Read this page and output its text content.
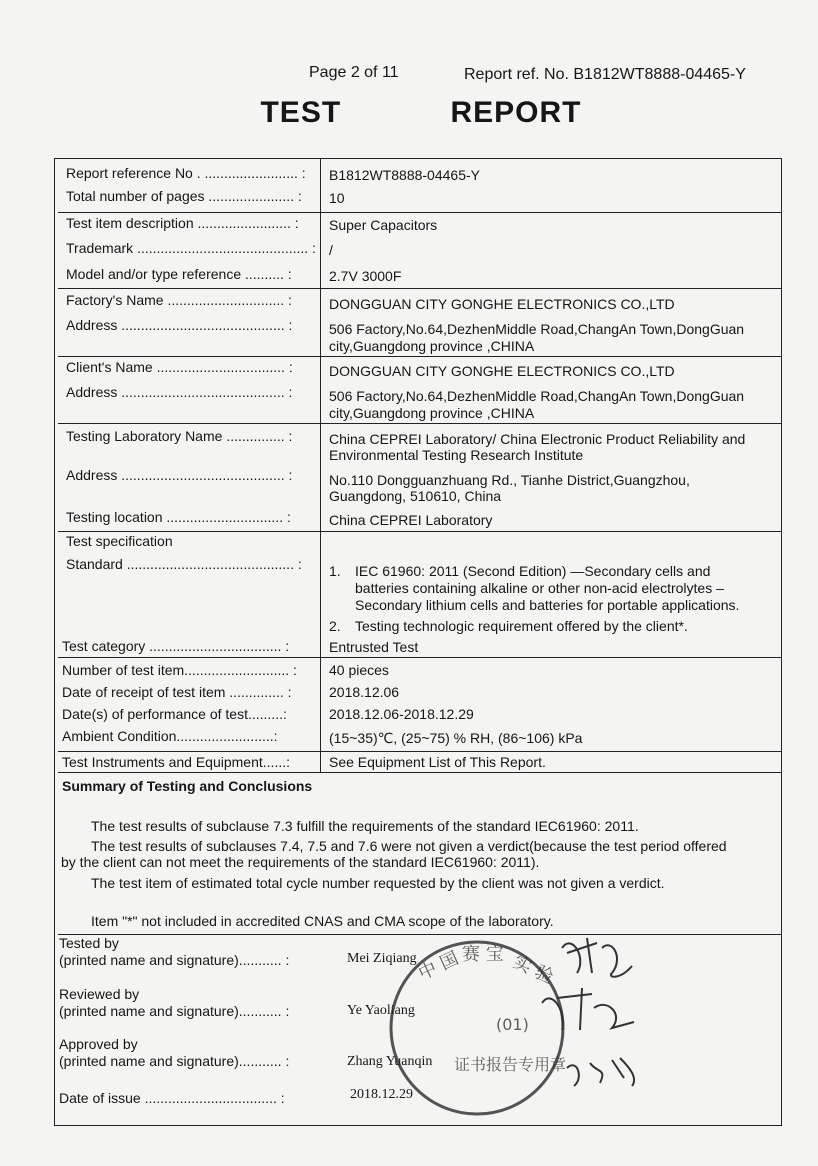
Page 2 of 11	Report ref. No. B1812WT8888-04465-Y
TEST    REPORT
Report reference No . ........................ : B1812WT8888-04465-Y
Total number of pages ...................... : 10
Test item description ........................ : Super Capacitors
Trademark ............................................ : /
Model and/or type reference .......... :	2.7V 3000F
Factory's Name .............................. :	DONGGUAN CITY GONGHE ELECTRONICS CO.,LTD
Address .......................................... :	506 Factory,No.64,DezhenMiddle Road,ChangAn Town,DongGuan
city,Guangdong province ,CHINA
Client's Name ................................. :	DONGGUAN CITY GONGHE ELECTRONICS CO.,LTD
Address .......................................... :	506 Factory,No.64,DezhenMiddle Road,ChangAn Town,DongGuan
city,Guangdong province ,CHINA
Testing Laboratory Name ............... :	China CEPREI Laboratory/ China Electronic Product Reliability and
Environmental Testing Research Institute
Address .......................................... :	No.110 Dongguanzhuang Rd., Tianhe District,Guangzhou,
Guangdong, 510610, China
Testing location .............................. :	China CEPREI Laboratory
Test specification
Standard ........................................... : 1. IEC 61960: 2011 (Second Edition) —Secondary cells and
batteries containing alkaline or other non-acid electrolytes –
Secondary lithium cells and batteries for portable applications.
2. Testing technologic requirement offered by the client*.
Test category .................................. :	Entrusted Test
Number of test item........................... : 40 pieces
Date of receipt of test item .............. :	2018.12.06
Date(s) of performance of test.........:	2018.12.06-2018.12.29
Ambient Condition.........................:	(15~35)℃, (25~75) % RH, (86~106) kPa
Test Instruments and Equipment......:	See Equipment List of This Report.
Summary of Testing and Conclusions
The test results of subclause 7.3 fulfill the requirements of the standard IEC61960: 2011.
The test results of subclauses 7.4, 7.5 and 7.6 were not given a verdict(because the test period offered
by the client can not meet the requirements of the standard IEC61960: 2011).
The test item of estimated total cycle number requested by the client was not given a verdict.
Item "*" not included in accredited CNAS and CMA scope of the laboratory.
Tested by
(printed name and signature)........... :	Mei Ziqiang
Reviewed by
(printed name and signature)........... :	Ye Yaoliang
Approved by
(printed name and signature)........... :	Zhang Yuanqin
Date of issue .................................. :	2018.12.29
中 国 赛 宝 实 验
(01)
证书报告专用章
